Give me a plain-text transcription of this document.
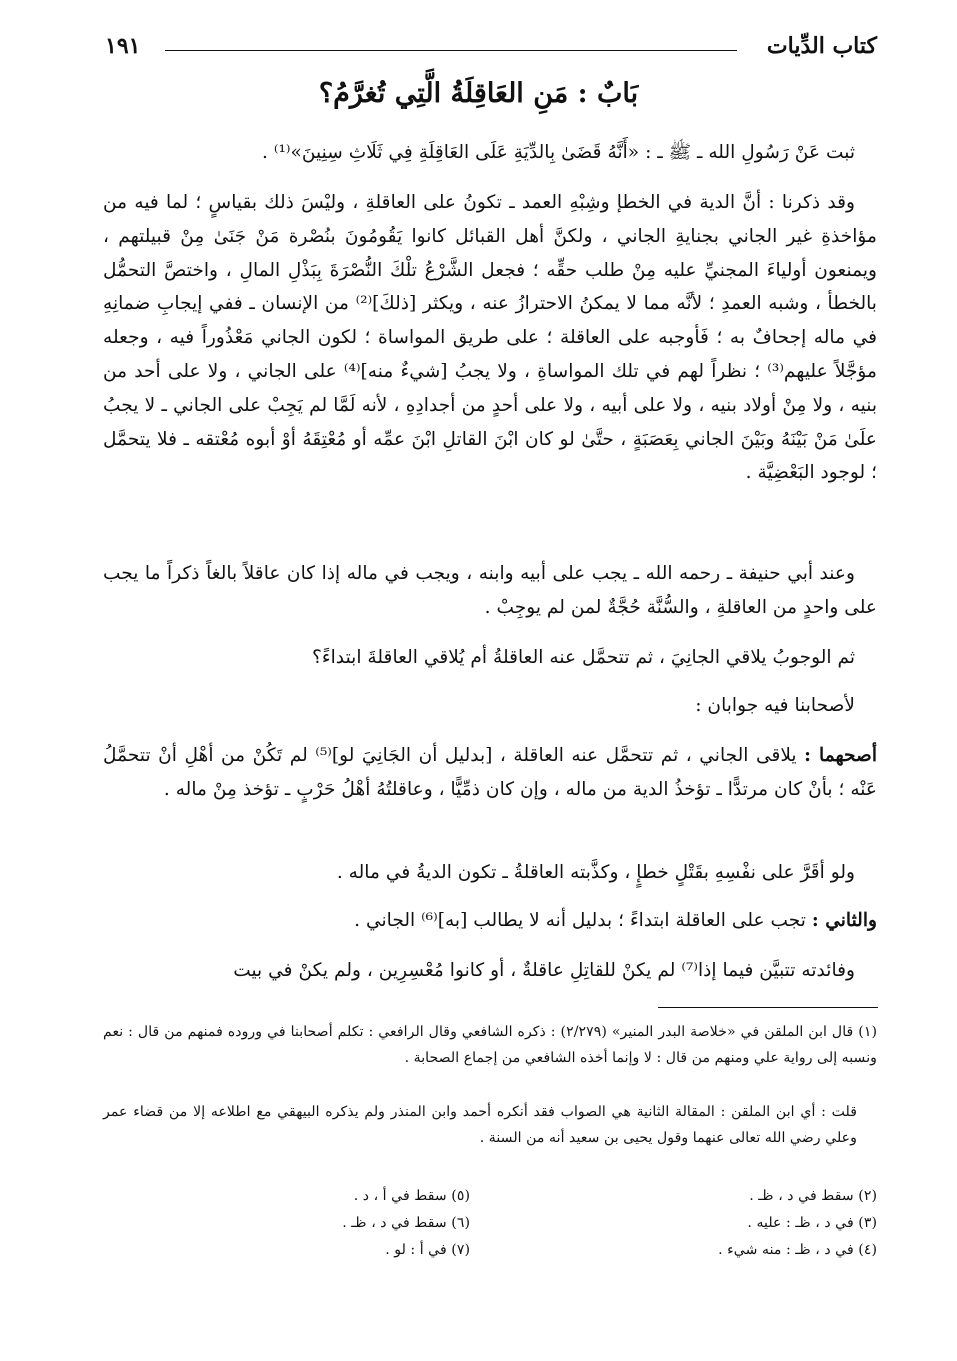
كتاب الدِّيات
١٩١
بَابٌ : مَنِ العَاقِلَةُ الَّتِي تُغرَّمُ؟

ثبت عَنْ رَسُولِ الله ـ ﷺ ـ : «أَنَّهُ قَضَىٰ بِالدِّيَةِ عَلَى العَاقِلَةِ فِي ثَلَاثِ سِنِينَ»⁽¹⁾ .

وقد ذكرنا : أنَّ الدية في الخطإ وشِبْهِ العمد ـ تكونُ على العاقلةِ ، وليْسَ ذلك بقياسٍ ؛ لما فيه من مؤاخذةِ غير الجاني بجنايةِ الجاني ، ولكنَّ أهل القبائل كانوا يَقُومُونَ بنُصْرة مَنْ جَنَىٰ مِنْ قبيلتهم ، ويمنعون أولياءَ المجنيِّ عليه مِنْ طلب حقِّه ؛ فجعل الشَّرْعُ تلْكَ النُّصْرَةَ بِبَذْلِ المالِ ، واختصَّ التحمُّل بالخطأ ، وشبه العمدِ ؛ لأنَّه مما لا يمكنُ الاحترازُ عنه ، ويكثر [ذلكَ]⁽²⁾ من الإنسان ـ ففي إيجابِ ضمانِهِ في ماله إجحافٌ به ؛ فَأوجبه على العاقلة ؛ على طريق المواساة ؛ لكون الجاني مَعْذُوراً فيه ، وجعله مؤجَّلاً عليهم⁽³⁾ ؛ نظراً لهم في تلك المواساةِ ، ولا يجبُ [شيءٌ منه]⁽⁴⁾ على الجاني ، ولا على أحد من بنيه ، ولا مِنْ أولاد بنيه ، ولا على أبيه ، ولا على أحدٍ من أجدادِهِ ، لأنه لَمَّا لم يَجِبْ على الجاني ـ لا يجبُ علَىٰ مَنْ بَيْنَهُ وبَيْنَ الجاني بِعَصَبَةٍ ، حتَّىٰ لو كان ابْنَ القاتلِ ابْنَ عمِّه أو مُعْتِقَهُ أوْ أبوه مُعْتقه ـ فلا يتحمَّل ؛ لوجود البَعْضِيَّة .

وعند أبي حنيفة ـ رحمه الله ـ يجب على أبيه وابنه ، ويجب في ماله إذا كان عاقلاً بالغاً ذكراً ما يجب على واحدٍ من العاقلةِ ، والسُّنَّة حُجَّةٌ لمن لم يوجِبْ .

ثم الوجوبُ يلاقي الجانِيَ ، ثم تتحمَّل عنه العاقلةُ أم يُلاقي العاقلةَ ابتداءً؟

لأصحابنا فيه جوابان :

أصحهما : يلاقى الجاني ، ثم تتحمَّل عنه العاقلة ، [بدليل أن الجَانِيَ لو]⁽⁵⁾ لم تَكُنْ من أهْلِ أنْ تتحمَّلُ عَنْه ؛ بأنْ كان مرتدًّا ـ تؤخذُ الدية من ماله ، وإن كان ذمِّيًّا ، وعاقلتُهُ أهْلُ حَرْبٍ ـ تؤخذ مِنْ ماله .

ولو أقَرَّ على نفْسِهِ بقَتْلٍ خطإٍ ، وكذَّبته العاقلةُ ـ تكون الديةُ في ماله .

والثاني : تجب على العاقلة ابتداءً ؛ بدليل أنه لا يطالب [به]⁽⁶⁾ الجاني .

وفائدته تتبيَّن فيما إذا⁽⁷⁾ لم يكنْ للقاتِلِ عاقلةٌ ، أو كانوا مُعْسِرِين ، ولم يكنْ في بيت

(١) قال ابن الملقن في «خلاصة البدر المنير» (٢/٢٧٩) : ذكره الشافعي وقال الرافعي : تكلم أصحابنا في وروده فمنهم من قال : نعم ونسبه إلى رواية علي ومنهم من قال : لا وإنما أخذه الشافعي من إجماع الصحابة .

قلت : أي ابن الملقن : المقالة الثانية هي الصواب فقد أنكره أحمد وابن المنذر ولم يذكره البيهقي مع اطلاعه إلا من قضاء عمر وعلي رضي الله تعالى عنهما وقول يحيى بن سعيد أنه من السنة .

(٢) سقط في د ، ظـ .
(٥) سقط في أ ، د .
(٣) في د ، ظـ : عليه .
(٦) سقط في د ، ظـ .
(٤) في د ، ظـ : منه شيء .
(٧) في أ : لو .
